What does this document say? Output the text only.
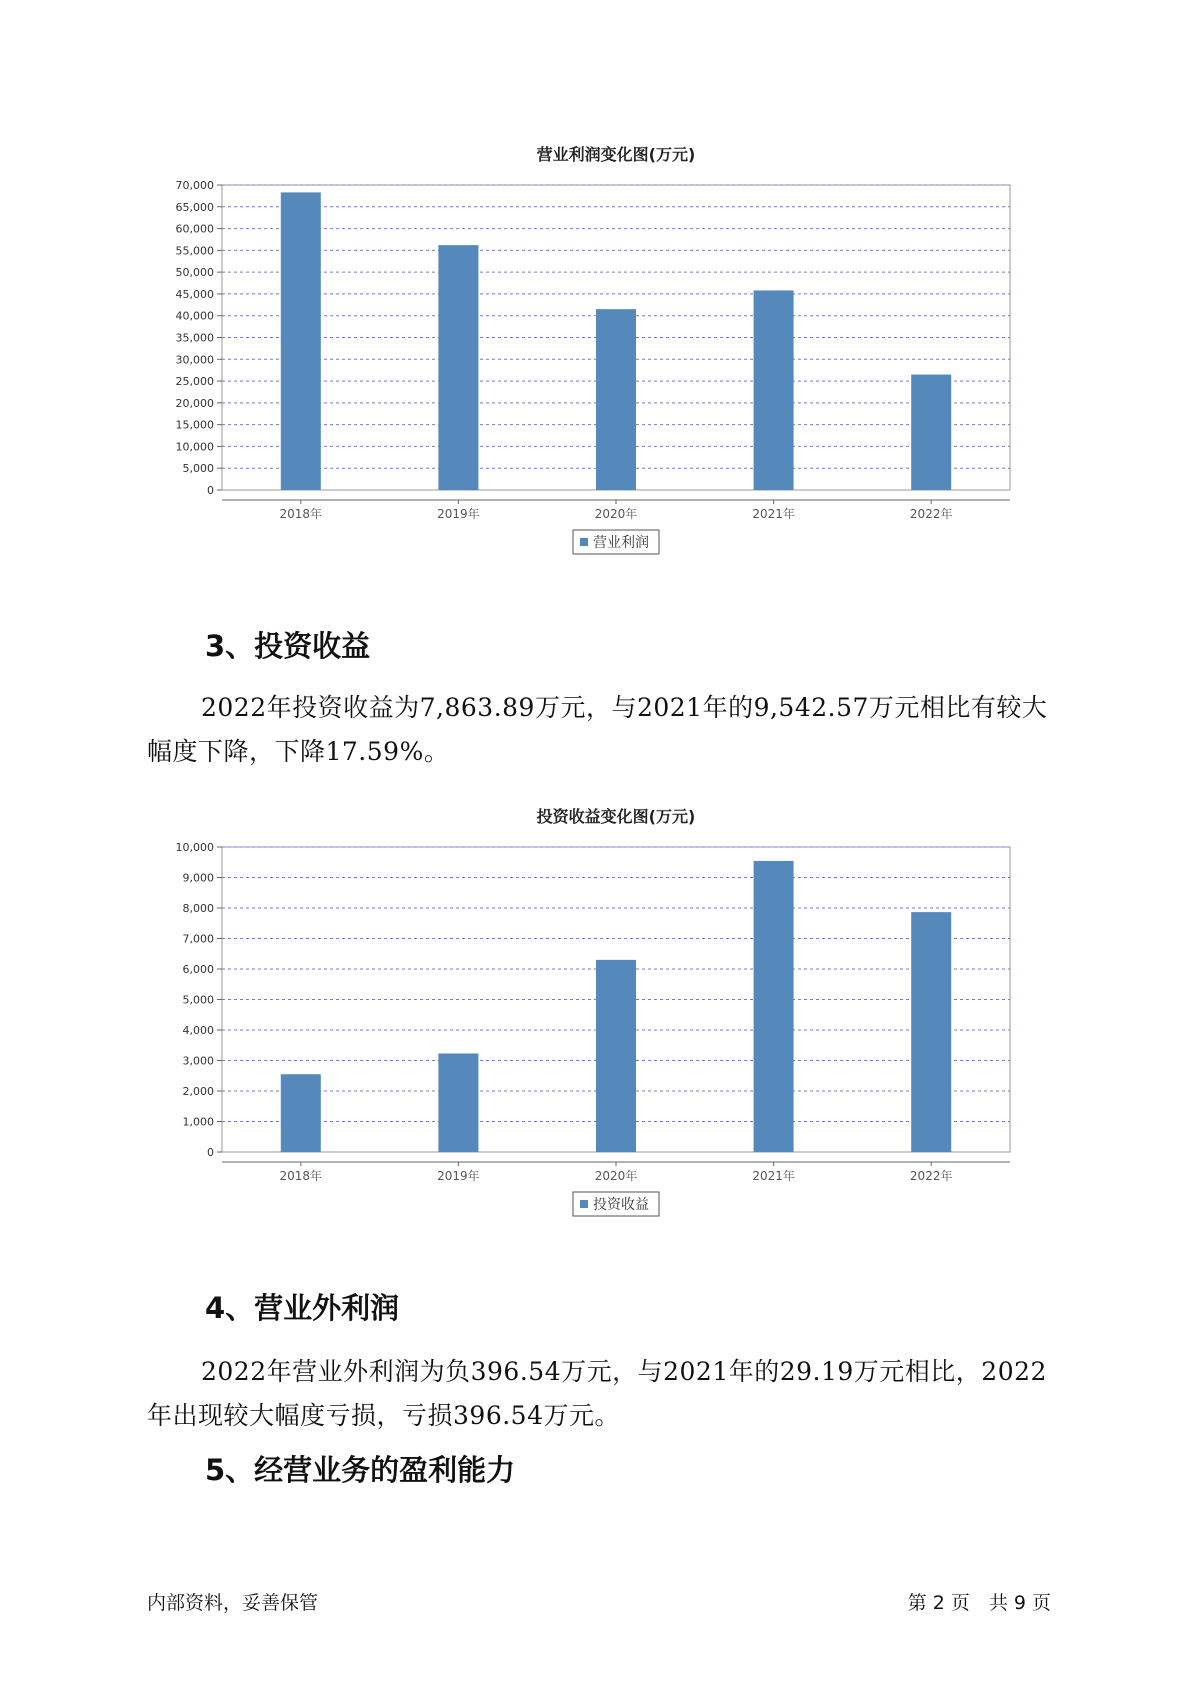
营业利润变化图(万元)
0
5,000
10,000
15,000
20,000
25,000
30,000
35,000
40,000
45,000
50,000
55,000
60,000
65,000
70,000
2018年	2019年	2020年	2021年	2022年
营业利润
3、投资收益

2022年投资收益为7,863.89万元，与2021年的9,542.57万元相比有较大幅度下降，下降17.59%。

投资收益变化图(万元)
0
1,000
2,000
3,000
4,000
5,000
6,000
7,000
8,000
9,000
10,000
2018年	2019年	2020年	2021年	2022年
投资收益
4、营业外利润

2022年营业外利润为负396.54万元，与2021年的29.19万元相比，2022年出现较大幅度亏损，亏损396.54万元。

5、经营业务的盈利能力
内部资料，妥善保管	第 2 页　共 9 页
